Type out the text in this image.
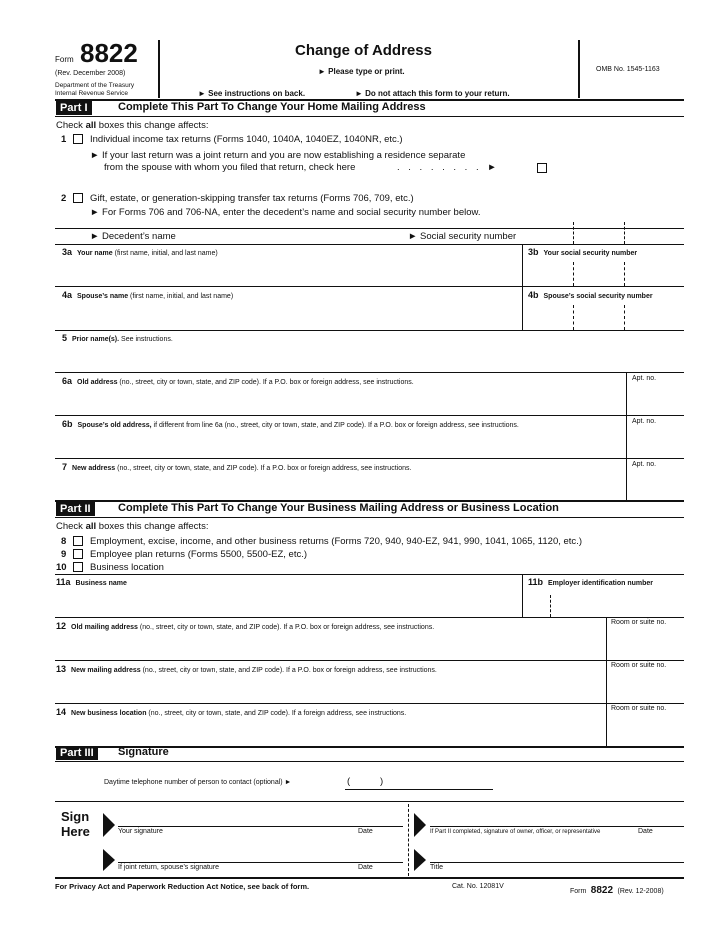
Form 8822
(Rev. December 2008)
Department of the Treasury
Internal Revenue Service
Change of Address
► Please type or print.
► See instructions on back.	► Do not attach this form to your return.
OMB No. 1545-1163
Part I	Complete This Part To Change Your Home Mailing Address
Check all boxes this change affects:
1 Individual income tax returns (Forms 1040, 1040A, 1040EZ, 1040NR, etc.)
► If your last return was a joint return and you are now establishing a residence separate
from the spouse with whom you filed that return, check here	. . . . . . . . ►
2 Gift, estate, or generation-skipping transfer tax returns (Forms 706, 709, etc.)
► For Forms 706 and 706-NA, enter the decedent’s name and social security number below.
► Decedent’s name	► Social security number
3a Your name (first name, initial, and last name)	3b Your social security number
4a Spouse’s name (first name, initial, and last name)	4b Spouse’s social security number
5 Prior name(s). See instructions.
6a Old address (no., street, city or town, state, and ZIP code). If a P.O. box or foreign address, see instructions.
Apt. no.
6b Spouse’s old address, if different from line 6a (no., street, city or town, state, and ZIP code). If a P.O. box or foreign address, see instructions.
Apt. no.
7 New address (no., street, city or town, state, and ZIP code). If a P.O. box or foreign address, see instructions.
Apt. no.
Part II	Complete This Part To Change Your Business Mailing Address or Business Location
Check all boxes this change affects:
8 Employment, excise, income, and other business returns (Forms 720, 940, 940-EZ, 941, 990, 1041, 1065, 1120, etc.)
9 Employee plan returns (Forms 5500, 5500-EZ, etc.)
10 Business location
11a Business name	11b Employer identification number
12 Old mailing address (no., street, city or town, state, and ZIP code). If a P.O. box or foreign address, see instructions.
Room or suite no.
13 New mailing address (no., street, city or town, state, and ZIP code). If a P.O. box or foreign address, see instructions.
Room or suite no.
14 New business location (no., street, city or town, state, and ZIP code). If a foreign address, see instructions.
Room or suite no.
Part III	Signature
Daytime telephone number of person to contact (optional) ►	(	)
Sign
Here	Your signature	Date	If Part II completed, signature of owner, officer, or representative	Date
If joint return, spouse’s signature	Date	Title
For Privacy Act and Paperwork Reduction Act Notice, see back of form.	Cat. No. 12081V
Form 8822 (Rev. 12-2008)
